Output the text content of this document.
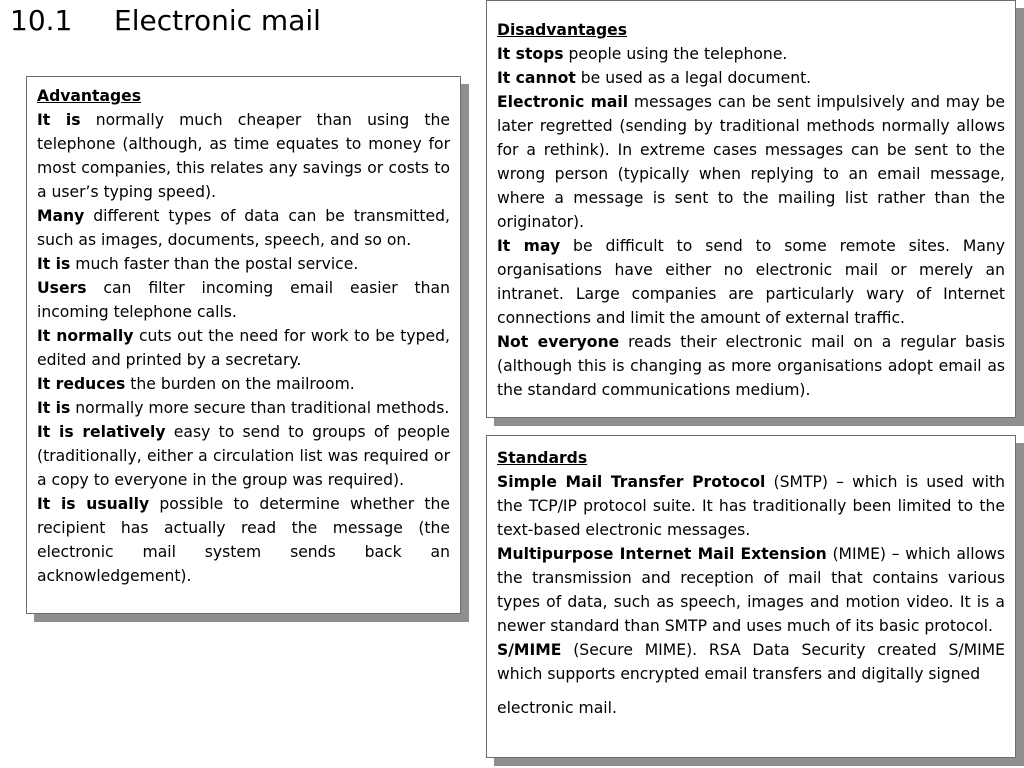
10.1 Electronic mail

Advantages

It is normally much cheaper than using the telephone (although, as time equates to money for most companies, this relates any savings or costs to a user’s typing speed).

Many different types of data can be transmitted, such as images, documents, speech, and so on.

It is much faster than the postal service.

Users can filter incoming email easier than incoming telephone calls.

It normally cuts out the need for work to be typed, edited and printed by a secretary.

It reduces the burden on the mailroom.

It is normally more secure than traditional methods.

It is relatively easy to send to groups of people (traditionally, either a circulation list was required or a copy to everyone in the group was required).

It is usually possible to determine whether the recipient has actually read the message (the electronic mail system sends back an acknowledgement).

Disadvantages

It stops people using the telephone.

It cannot be used as a legal document.

Electronic mail messages can be sent impulsively and may be later regretted (sending by traditional methods normally allows for a rethink). In extreme cases messages can be sent to the wrong person (typically when replying to an email message, where a message is sent to the mailing list rather than the originator).

It may be difficult to send to some remote sites. Many organisations have either no electronic mail or merely an intranet. Large companies are particularly wary of Internet connections and limit the amount of external traffic.

Not everyone reads their electronic mail on a regular basis (although this is changing as more organisations adopt email as the standard communications medium).

Standards

Simple Mail Transfer Protocol (SMTP) – which is used with the TCP/IP protocol suite. It has traditionally been limited to the text-based electronic messages.

Multipurpose Internet Mail Extension (MIME) – which allows the transmission and reception of mail that contains various types of data, such as speech, images and motion video. It is a newer standard than SMTP and uses much of its basic protocol.

S/MIME (Secure MIME). RSA Data Security created S/MIME which supports encrypted email transfers and digitally signed

electronic mail.
